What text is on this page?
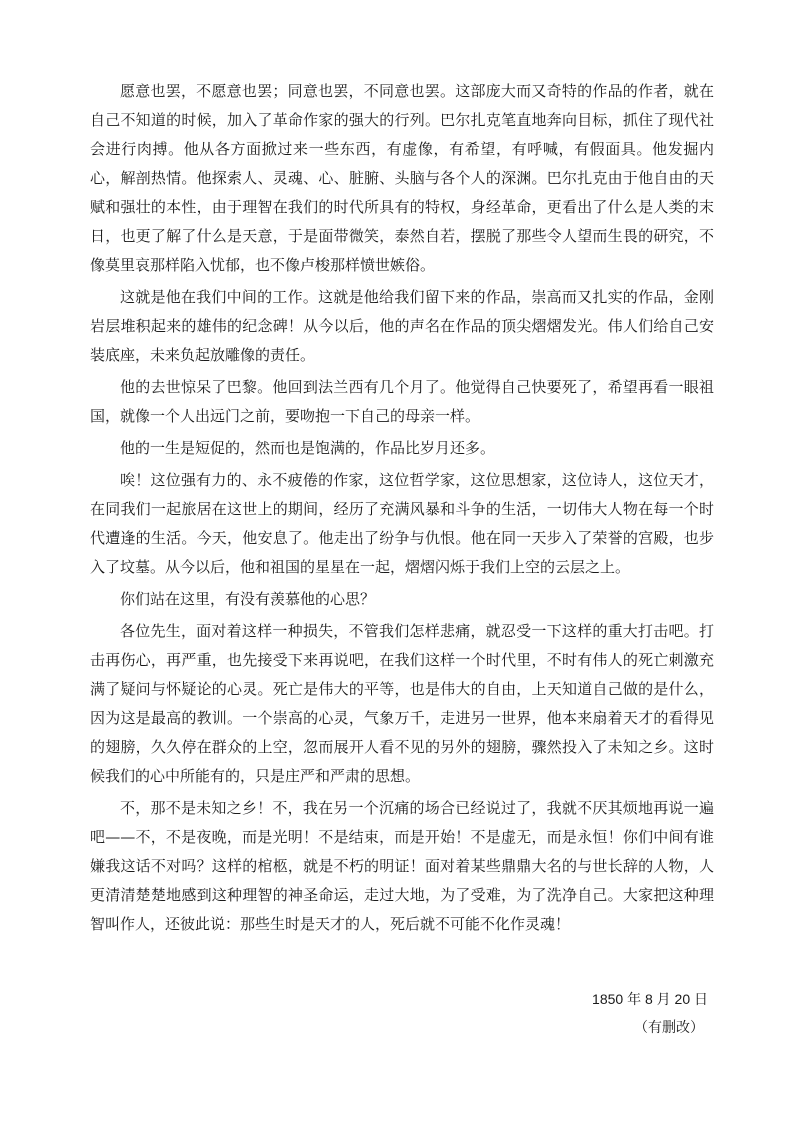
愿意也罢，不愿意也罢；同意也罢，不同意也罢。这部庞大而又奇特的作品的作者，就在自己不知道的时候，加入了革命作家的强大的行列。巴尔扎克笔直地奔向目标，抓住了现代社会进行肉搏。他从各方面掀过来一些东西，有虚像，有希望，有呼喊，有假面具。他发掘内心，解剖热情。他探索人、灵魂、心、脏腑、头脑与各个人的深渊。巴尔扎克由于他自由的天赋和强壮的本性，由于理智在我们的时代所具有的特权，身经革命，更看出了什么是人类的末日，也更了解了什么是天意，于是面带微笑，泰然自若，摆脱了那些令人望而生畏的研究，不像莫里哀那样陷入忧郁，也不像卢梭那样愤世嫉俗。

这就是他在我们中间的工作。这就是他给我们留下来的作品，崇高而又扎实的作品，金刚岩层堆积起来的雄伟的纪念碑！从今以后，他的声名在作品的顶尖熠熠发光。伟人们给自己安装底座，未来负起放雕像的责任。

他的去世惊呆了巴黎。他回到法兰西有几个月了。他觉得自己快要死了，希望再看一眼祖国，就像一个人出远门之前，要吻抱一下自己的母亲一样。

他的一生是短促的，然而也是饱满的，作品比岁月还多。

唉！这位强有力的、永不疲倦的作家，这位哲学家，这位思想家，这位诗人，这位天才，在同我们一起旅居在这世上的期间，经历了充满风暴和斗争的生活，一切伟大人物在每一个时代遭逢的生活。今天，他安息了。他走出了纷争与仇恨。他在同一天步入了荣誉的宫殿，也步入了坟墓。从今以后，他和祖国的星星在一起，熠熠闪烁于我们上空的云层之上。

你们站在这里，有没有羡慕他的心思？

各位先生，面对着这样一种损失，不管我们怎样悲痛，就忍受一下这样的重大打击吧。打击再伤心，再严重，也先接受下来再说吧，在我们这样一个时代里，不时有伟人的死亡刺激充满了疑问与怀疑论的心灵。死亡是伟大的平等，也是伟大的自由，上天知道自己做的是什么，因为这是最高的教训。一个崇高的心灵，气象万千，走进另一世界，他本来扇着天才的看得见的翅膀，久久停在群众的上空，忽而展开人看不见的另外的翅膀，骤然投入了未知之乡。这时候我们的心中所能有的，只是庄严和严肃的思想。

不，那不是未知之乡！不，我在另一个沉痛的场合已经说过了，我就不厌其烦地再说一遍吧——不，不是夜晚，而是光明！不是结束，而是开始！不是虚无，而是永恒！你们中间有谁嫌我这话不对吗？这样的棺柩，就是不朽的明证！面对着某些鼎鼎大名的与世长辞的人物，人更清清楚楚地感到这种理智的神圣命运，走过大地，为了受难，为了洗净自己。大家把这种理智叫作人，还彼此说：那些生时是天才的人，死后就不可能不化作灵魂！

1850 年 8 月 20 日
（有删改）
